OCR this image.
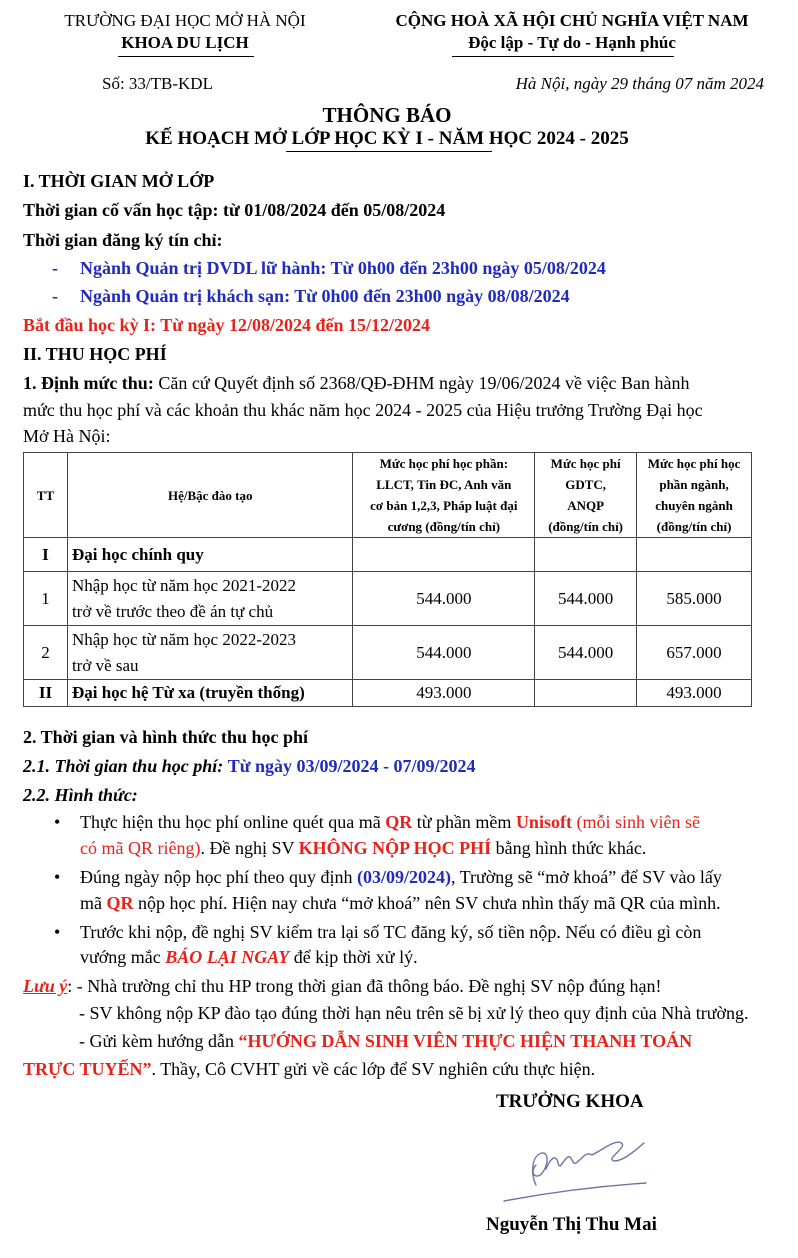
TRƯỜNG ĐẠI HỌC MỞ HÀ NỘI
KHOA DU LỊCH
CỘNG HOÀ XÃ HỘI CHỦ NGHĨA VIỆT NAM
Độc lập - Tự do - Hạnh phúc
Số: 33/TB-KDL	Hà Nội, ngày 29 tháng 07 năm 2024
THÔNG BÁO
KẾ HOẠCH MỞ LỚP HỌC KỲ I - NĂM HỌC 2024 - 2025
I. THỜI GIAN MỞ LỚP
Thời gian cố vấn học tập: từ 01/08/2024 đến 05/08/2024
Thời gian đăng ký tín chỉ:
- Ngành Quản trị DVDL lữ hành: Từ 0h00 đến 23h00 ngày 05/08/2024
- Ngành Quản trị khách sạn: Từ 0h00 đến 23h00 ngày 08/08/2024
Bắt đầu học kỳ I: Từ ngày 12/08/2024 đến 15/12/2024
II. THU HỌC PHÍ
1. Định mức thu: Căn cứ Quyết định số 2368/QĐ-ĐHM ngày 19/06/2024 về việc Ban hành
mức thu học phí và các khoản thu khác năm học 2024 - 2025 của Hiệu trưởng Trường Đại học
Mở Hà Nội:
TT	Hệ/Bậc đào tạo	Mức học phí học phần:
LLCT, Tin ĐC, Anh văn
cơ bản 1,2,3, Pháp luật đại
cương (đồng/tín chỉ)	Mức học phí
GDTC,
ANQP
(đồng/tín chỉ)	Mức học phí học
phần ngành,
chuyên ngành
(đồng/tín chỉ)
I	Đại học chính quy			
1	Nhập học từ năm học 2021-2022
trở về trước theo đề án tự chủ	544.000	544.000	585.000
2	Nhập học từ năm học 2022-2023
trở về sau	544.000	544.000	657.000
II	Đại học hệ Từ xa (truyền thống)	493.000		493.000
2. Thời gian và hình thức thu học phí
2.1. Thời gian thu học phí: Từ ngày 03/09/2024 - 07/09/2024
2.2. Hình thức:
• Thực hiện thu học phí online quét qua mã QR từ phần mềm Unisoft (mỗi sinh viên sẽ
có mã QR riêng). Đề nghị SV KHÔNG NỘP HỌC PHÍ bằng hình thức khác.
• Đúng ngày nộp học phí theo quy định (03/09/2024), Trường sẽ “mở khoá” để SV vào lấy
mã QR nộp học phí. Hiện nay chưa “mở khoá” nên SV chưa nhìn thấy mã QR của mình.
• Trước khi nộp, đề nghị SV kiểm tra lại số TC đăng ký, số tiền nộp. Nếu có điều gì còn
vướng mắc BÁO LẠI NGAY để kịp thời xử lý.
Lưu ý: - Nhà trường chỉ thu HP trong thời gian đã thông báo. Đề nghị SV nộp đúng hạn!
- SV không nộp KP đào tạo đúng thời hạn nêu trên sẽ bị xử lý theo quy định của Nhà trường.
- Gửi kèm hướng dẫn “HƯỚNG DẪN SINH VIÊN THỰC HIỆN THANH TOÁN
TRỰC TUYẾN”. Thầy, Cô CVHT gửi về các lớp để SV nghiên cứu thực hiện.
TRƯỞNG KHOA
Nguyễn Thị Thu Mai
